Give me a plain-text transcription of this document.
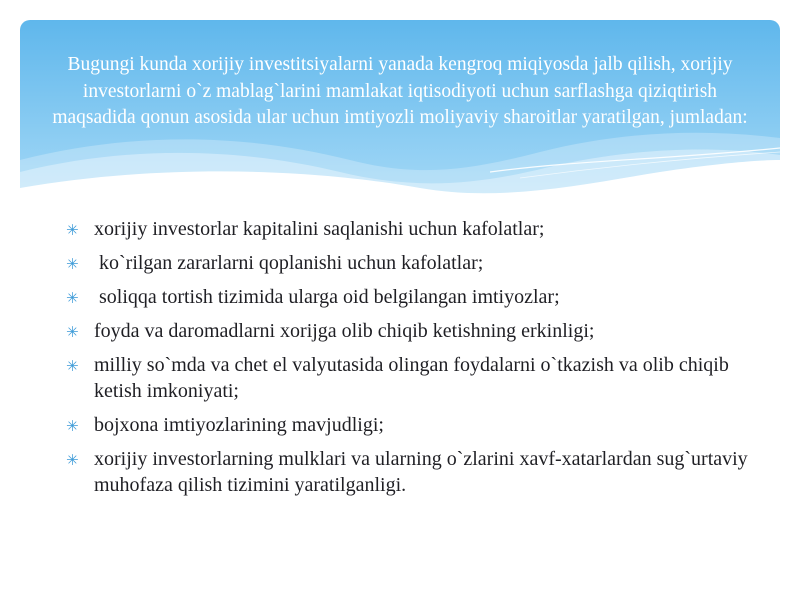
Bugungi kunda xorijiy investitsiyalarni yanada kengroq miqiyosda jalb qilish, xorijiy investorlarni o`z mablag`larini mamlakat iqtisodiyoti uchun sarflashga qiziqtirish maqsadida qonun asosida ular uchun imtiyozli moliyaviy sharoitlar yaratilgan, jumladan:
✳ xorijiy investorlar kapitalini saqlanishi uchun kafolatlar;
✳ ko`rilgan zararlarni qoplanishi uchun kafolatlar;
✳ soliqqa tortish tizimida ularga oid belgilangan imtiyozlar;
✳ foyda va daromadlarni xorijga olib chiqib ketishning erkinligi;
✳ milliy so`mda va chet el valyutasida olingan foydalarni o`tkazish va olib chiqib ketish imkoniyati;
✳ bojxona imtiyozlarining mavjudligi;
✳ xorijiy investorlarning mulklari va ularning o`zlarini xavf-xatarlardan sug`urtaviy muhofaza qilish tizimini yaratilganligi.
